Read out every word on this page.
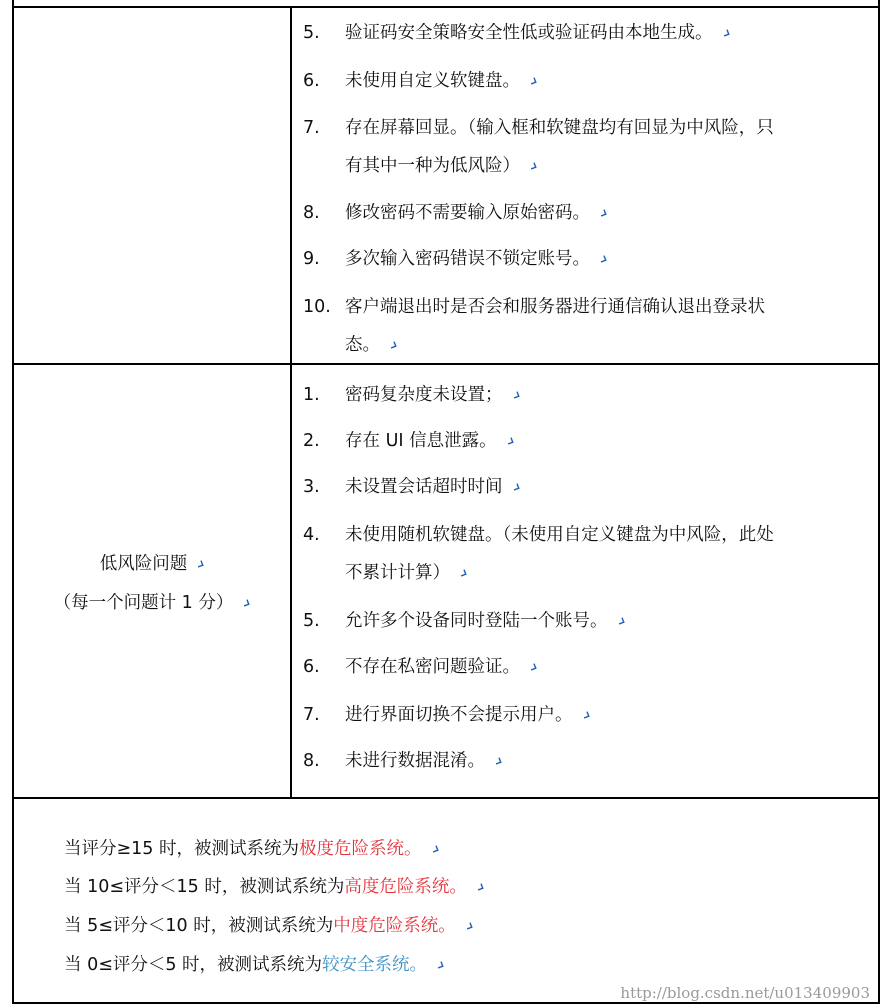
5.	验证码安全策略安全性低或验证码由本地生成。
6.	未使用自定义软键盘。
7.	存在屏幕回显。（输入框和软键盘均有回显为中风险，只
有其中一种为低风险）
8.	修改密码不需要输入原始密码。
9.	多次输入密码错误不锁定账号。
10. 客户端退出时是否会和服务器进行通信确认退出登录状
态。
低风险问题
（每一个问题计 1 分）
1.	密码复杂度未设置；
2.	存在 UI 信息泄露。
3.	未设置会话超时时间
4.	未使用随机软键盘。（未使用自定义键盘为中风险，此处
不累计计算）
5.	允许多个设备同时登陆一个账号。
6.	不存在私密问题验证。
7.	进行界面切换不会提示用户。
8.	未进行数据混淆。
当评分≥15 时，被测试系统为极度危险系统。
当 10≤评分＜15 时，被测试系统为高度危险系统。
当 5≤评分＜10 时，被测试系统为中度危险系统。
当 0≤评分＜5 时，被测试系统为较安全系统。
http://blog.csdn.net/u013409903
